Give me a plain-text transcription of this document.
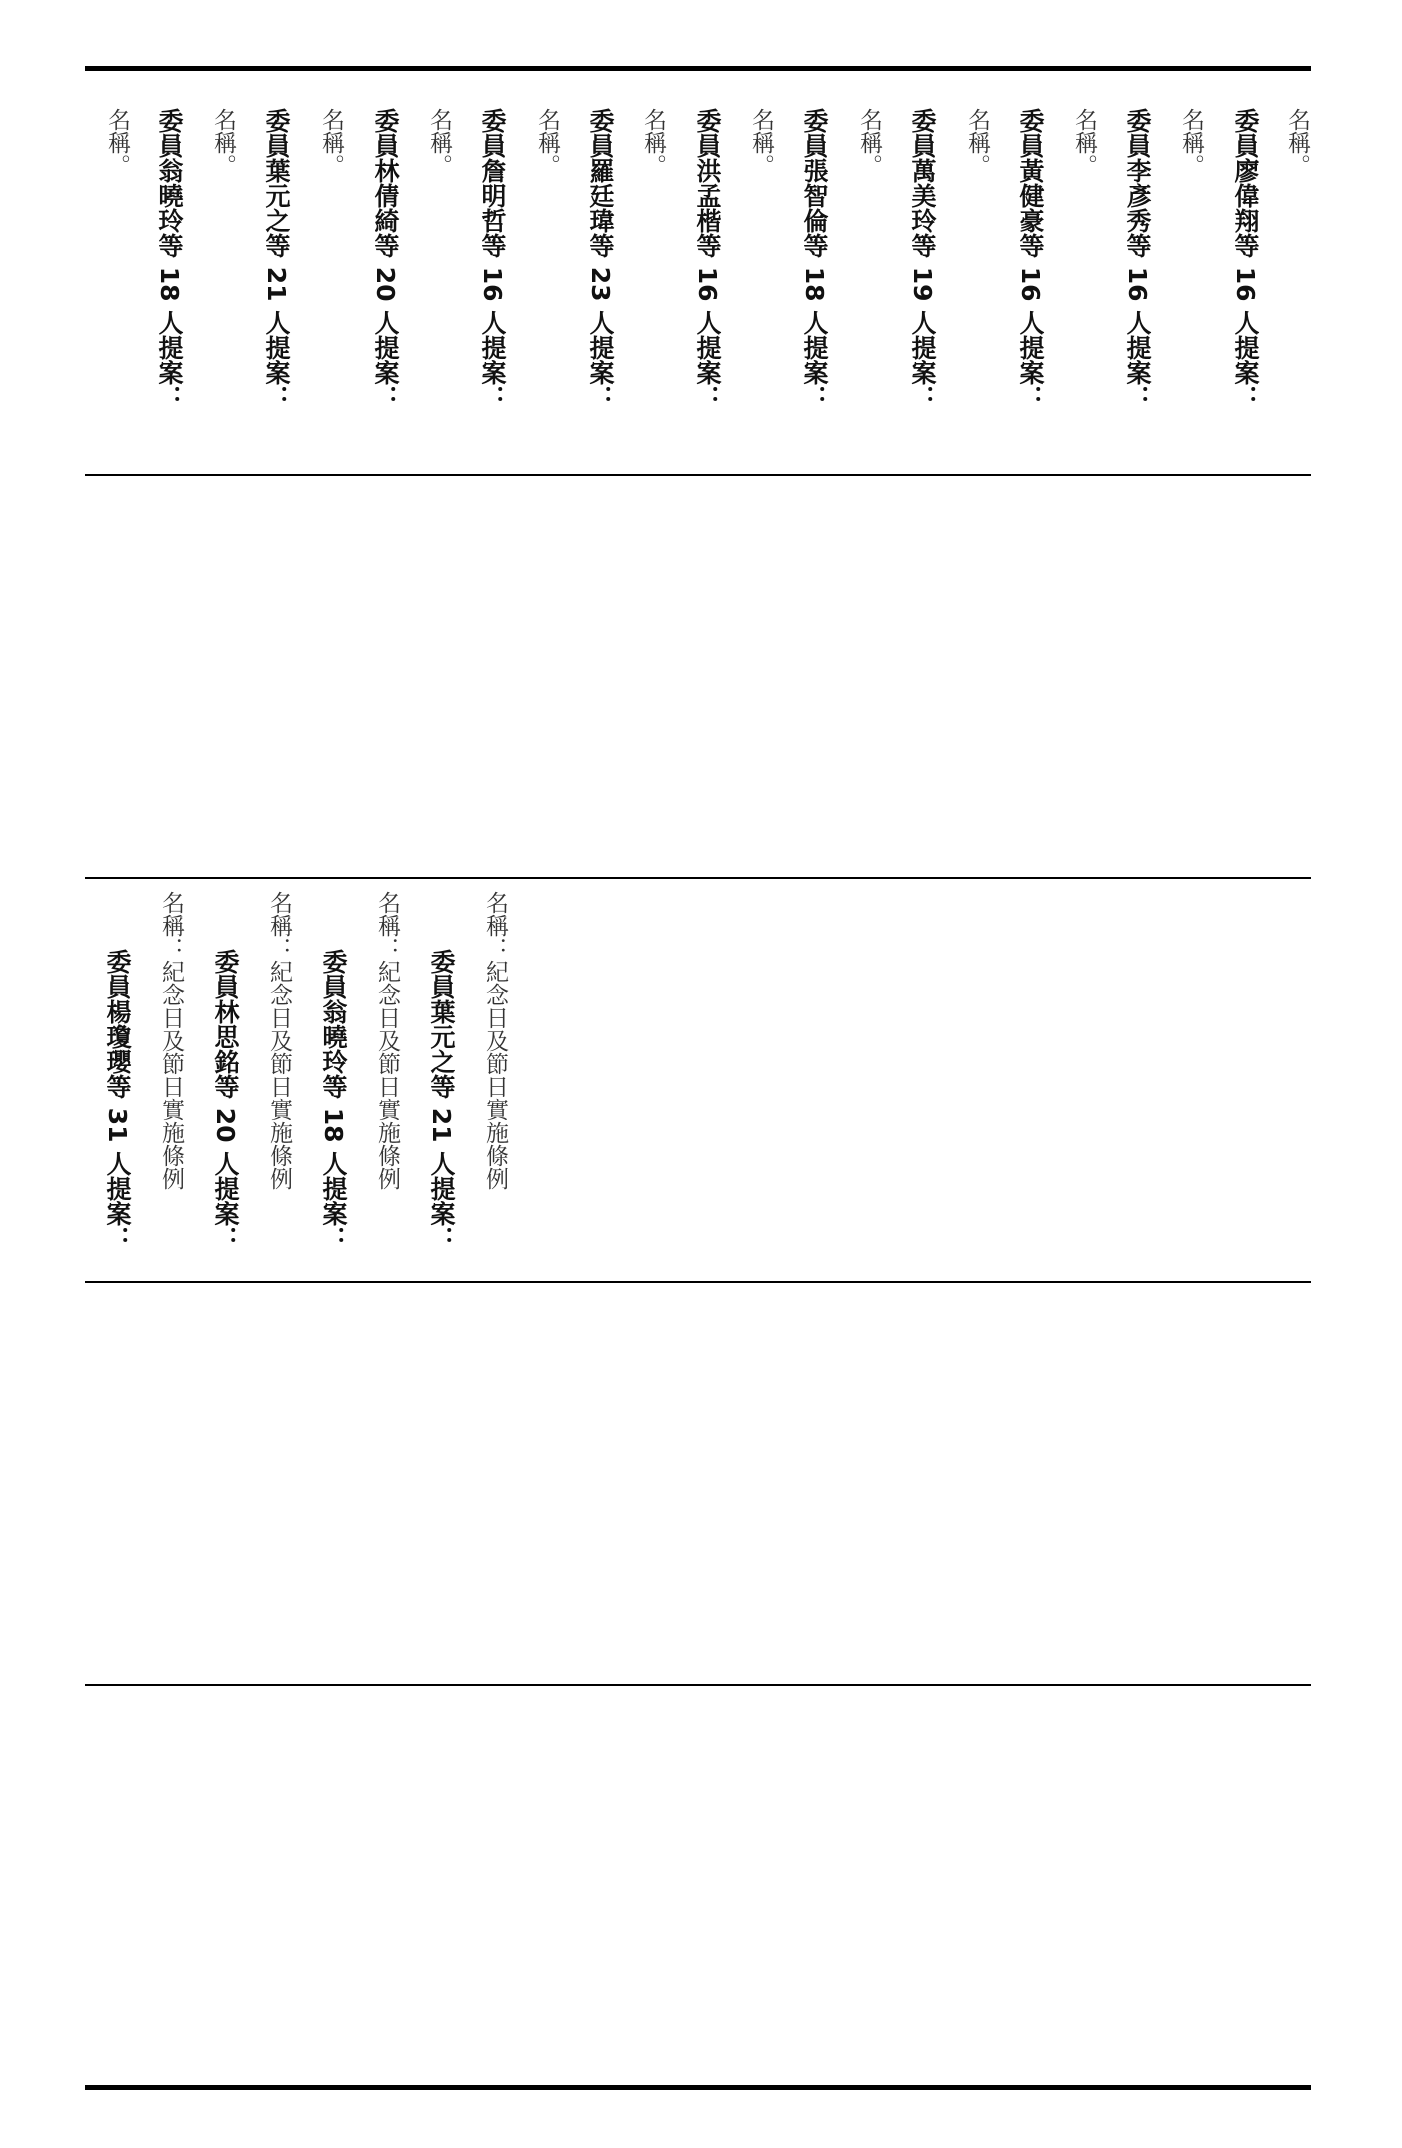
名稱。 委員翁曉玲等 18 人提案： 名稱。 委員葉元之等 21 人提案： 名稱。 委員林倩綺等 20 人提案： 名稱。 委員詹明哲等 16 人提案： 名稱。 委員羅廷瑋等 23 人提案： 名稱。 委員洪孟楷等 16 人提案： 名稱。 委員張智倫等 18 人提案： 名稱。 委員萬美玲等 19 人提案： 名稱。 委員黃健豪等 16 人提案： 名稱。 委員李彥秀等 16 人提案： 名稱。 委員廖偉翔等 16 人提案： 名稱。
委員楊瓊瓔等 31 人提案： 名稱：紀念日及節日實施條例 委員林思銘等 20 人提案： 名稱：紀念日及節日實施條例 委員翁曉玲等 18 人提案： 名稱：紀念日及節日實施條例 委員葉元之等 21 人提案： 名稱：紀念日及節日實施條例
